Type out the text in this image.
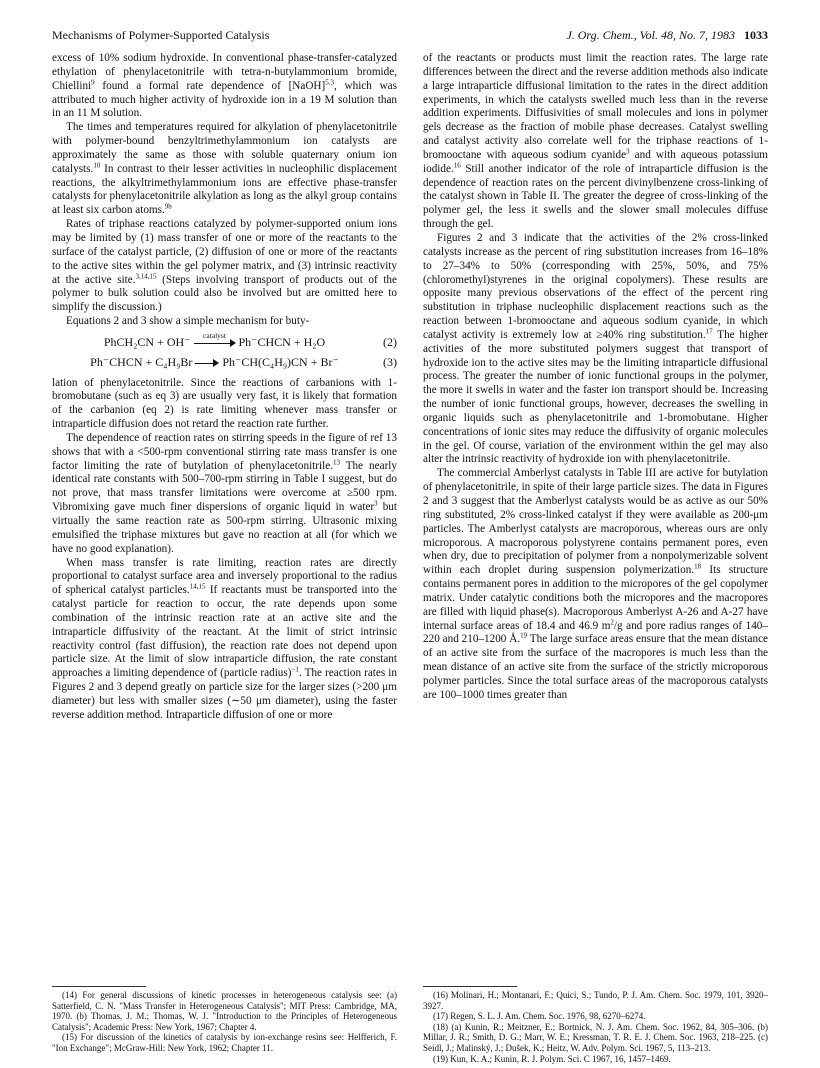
Mechanisms of Polymer-Supported Catalysis	J. Org. Chem., Vol. 48, No. 7, 1983 1033

excess of 10% sodium hydroxide. In conventional phase-transfer-catalyzed ethylation of phenylacetonitrile with tetra-n-butylammonium bromide, Chiellini$^9$ found a formal rate dependence of [NaOH]$^{5.3}$, which was attributed to much higher activity of hydroxide ion in a 19 M solution than in an 11 M solution.

The times and temperatures required for alkylation of phenylacetonitrile with polymer-bound benzyltrimethylammonium ion catalysts are approximately the same as those with soluble quaternary onium ion catalysts.$^{10}$ In contrast to their lesser activities in nucleophilic displacement reactions, the alkyltrimethylammonium ions are effective phase-transfer catalysts for phenylacetonitrile alkylation as long as the alkyl group contains at least six carbon atoms.$^{9b}$

Rates of triphase reactions catalyzed by polymer-supported onium ions may be limited by (1) mass transfer of one or more of the reactants to the surface of the catalyst particle, (2) diffusion of one or more of the reactants to the active sites within the gel polymer matrix, and (3) intrinsic reactivity at the active site.$^{3,14,15}$ (Steps involving transport of products out of the polymer to bulk solution could also be involved but are omitted here to simplify the discussion.)

Equations 2 and 3 show a simple mechanism for buty-

PhCH₂CN + OH⁻	catalyst	Ph⁻CHCN + H₂O	(2)
Ph⁻CHCN + C₄H₉Br	Ph⁻CH(C₄H₉)CN + Br⁻	(3)

lation of phenylacetonitrile. Since the reactions of carbanions with 1-bromobutane (such as eq 3) are usually very fast, it is likely that formation of the carbanion (eq 2) is rate limiting whenever mass transfer or intraparticle diffusion does not retard the reaction rate further.

The dependence of reaction rates on stirring speeds in the figure of ref 13 shows that with a <500-rpm conventional stirring rate mass transfer is one factor limiting the rate of butylation of phenylacetonitrile.$^{13}$ The nearly identical rate constants with 500–700-rpm stirring in Table I suggest, but do not prove, that mass transfer limitations were overcome at ≥500 rpm. Vibromixing gave much finer dispersions of organic liquid in water$^3$ but virtually the same reaction rate as 500-rpm stirring. Ultrasonic mixing emulsified the triphase mixtures but gave no reaction at all (for which we have no good explanation).

When mass transfer is rate limiting, reaction rates are directly proportional to catalyst surface area and inversely proportional to the radius of spherical catalyst particles.$^{14,15}$ If reactants must be transported into the catalyst particle for reaction to occur, the rate depends upon some combination of the intrinsic reaction rate at an active site and the intraparticle diffusivity of the reactant. At the limit of strict intrinsic reactivity control (fast diffusion), the reaction rate does not depend upon particle size. At the limit of slow intraparticle diffusion, the rate constant approaches a limiting dependence of (particle radius)$^{-1}$. The reaction rates in Figures 2 and 3 depend greatly on particle size for the larger sizes (>200 μm diameter) but less with smaller sizes (∼50 μm diameter), using the faster reverse addition method. Intraparticle diffusion of one or more

of the reactants or products must limit the reaction rates. The large rate differences between the direct and the reverse addition methods also indicate a large intraparticle diffusional limitation to the rates in the direct addition experiments, in which the catalysts swelled much less than in the reverse addition experiments. Diffusivities of small molecules and ions in polymer gels decrease as the fraction of mobile phase decreases. Catalyst swelling and catalyst activity also correlate well for the triphase reactions of 1-bromooctane with aqueous sodium cyanide$^3$ and with aqueous potassium iodide.$^{16}$ Still another indicator of the role of intraparticle diffusion is the dependence of reaction rates on the percent divinylbenzene cross-linking of the catalyst shown in Table II. The greater the degree of cross-linking of the polymer gel, the less it swells and the slower small molecules diffuse through the gel.

Figures 2 and 3 indicate that the activities of the 2% cross-linked catalysts increase as the percent of ring substitution increases from 16–18% to 27–34% to 50% (corresponding with 25%, 50%, and 75% (chloromethyl)styrenes in the original copolymers). These results are opposite many previous observations of the effect of the percent ring substitution in triphase nucleophilic displacement reactions such as the reaction between 1-bromooctane and aqueous sodium cyanide, in which catalyst activity is extremely low at ≥40% ring substitution.$^{17}$ The higher activities of the more substituted polymers suggest that transport of hydroxide ion to the active sites may be the limiting intraparticle diffusional process. The greater the number of ionic functional groups in the polymer, the more it swells in water and the faster ion transport should be. Increasing the number of ionic functional groups, however, decreases the swelling in organic liquids such as phenylacetonitrile and 1-bromobutane. Higher concentrations of ionic sites may reduce the diffusivity of organic molecules in the gel. Of course, variation of the environment within the gel may also alter the intrinsic reactivity of hydroxide ion with phenylacetonitrile.

The commercial Amberlyst catalysts in Table III are active for butylation of phenylacetonitrile, in spite of their large particle sizes. The data in Figures 2 and 3 suggest that the Amberlyst catalysts would be as active as our 50% ring substituted, 2% cross-linked catalyst if they were available as 200-μm particles. The Amberlyst catalysts are macroporous, whereas ours are only microporous. A macroporous polystyrene contains permanent pores, even when dry, due to precipitation of polymer from a nonpolymerizable solvent within each droplet during suspension polymerization.$^{18}$ Its structure contains permanent pores in addition to the micropores of the gel copolymer matrix. Under catalytic conditions both the micropores and the macropores are filled with liquid phase(s). Macroporous Amberlyst A-26 and A-27 have internal surface areas of 18.4 and 46.9 $m^2/g$ and pore radius ranges of 140–220 and 210–1200 Å.$^{19}$ The large surface areas ensure that the mean distance of an active site from the surface of the macropores is much less than the mean distance of an active site from the surface of the strictly microporous polymer particles. Since the total surface areas of the macroporous catalysts are 100–1000 times greater than

(14) For general discussions of kinetic processes in heterogeneous catalysis see: (a) Satterfield, C. N. "Mass Transfer in Heterogeneous Catalysis"; MIT Press: Cambridge, MA, 1970. (b) Thomas, J. M.; Thomas, W. J. "Introduction to the Principles of Heterogeneous Catalysis"; Academic Press: New York, 1967; Chapter 4.

(15) For discussion of the kinetics of catalysis by ion-exchange resins see: Helfferich, F. "Ion Exchange"; McGraw-Hill: New York, 1962; Chapter 11.

(16) Molinari, H.; Montanari, F.; Quici, S.; Tundo, P. J. Am. Chem. Soc. 1979, 101, 3920–3927.

(17) Regen, S. L. J. Am. Chem. Soc. 1976, 98, 6270–6274.

(18) (a) Kunin, R.; Meitzner, E.; Bortnick, N. J. Am. Chem. Soc. 1962, 84, 305–306. (b) Millar, J. R.; Smith, D. G.; Marr, W. E.; Kressman, T. R. E. J. Chem. Soc. 1963, 218–225. (c) Seidl, J.; Malinský, J.; Dušek, K.; Heitz, W. Adv. Polym. Sci. 1967, 5, 113–213.

(19) Kun, K. A.; Kunin, R. J. Polym. Sci. C 1967, 16, 1457–1469.
